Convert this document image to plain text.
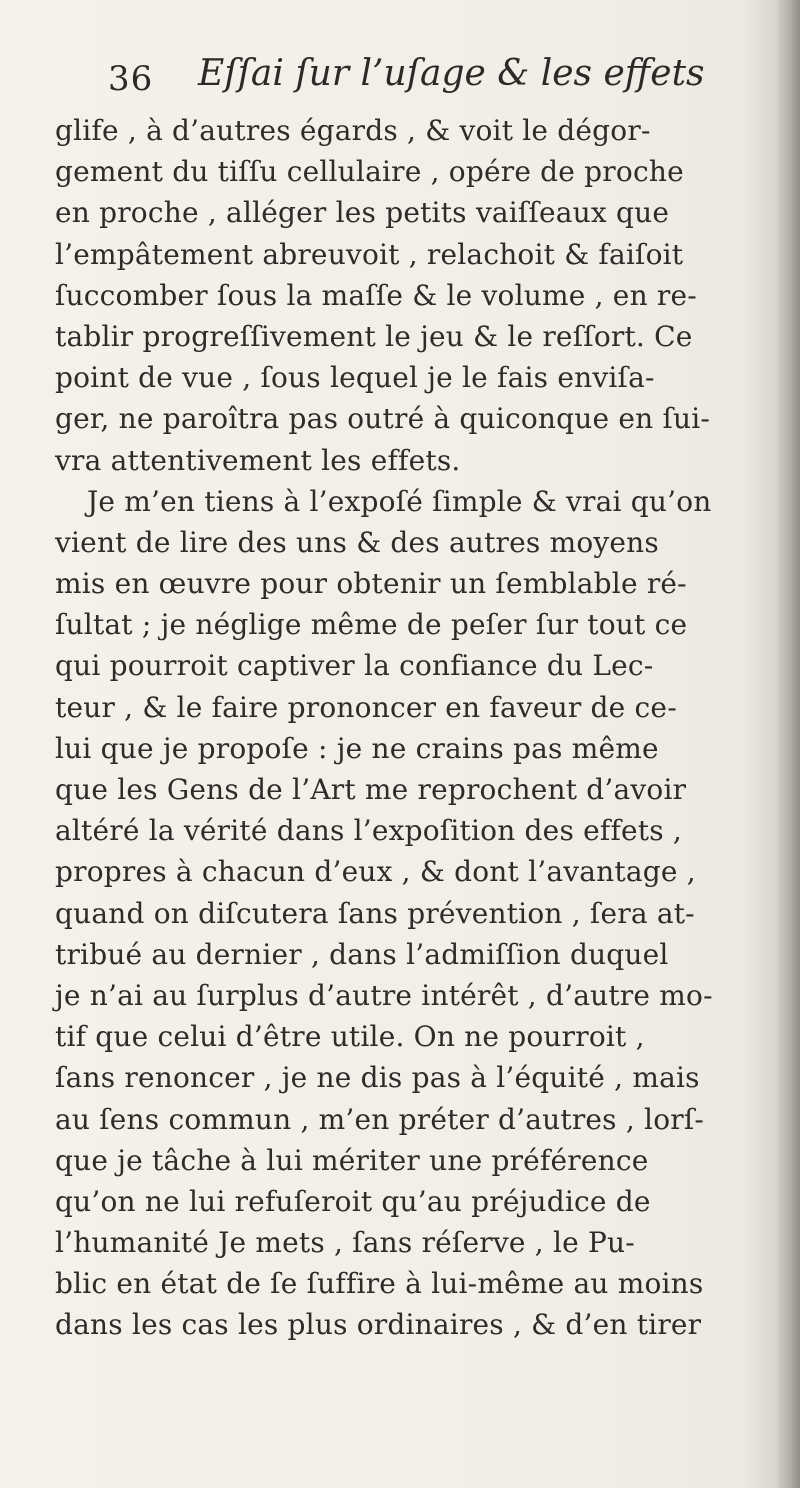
36 Eſſai ſur l’uſage & les effets
glife , à d’autres égards , & voit le dégor-
gement du tiſſu cellulaire , opére de proche
en proche , alléger les petits vaiſſeaux que
l’empâtement abreuvoit , relachoit & faiſoit
ſuccomber ſous la maſſe & le volume , en re-
tablir progreſſivement le jeu & le reſſort. Ce
point de vue , ſous lequel je le fais enviſa-
ger, ne paroîtra pas outré à quiconque en ſui-
vra attentivement les effets.
Je m’en tiens à l’expoſé ſimple & vrai qu’on
vient de lire des uns & des autres moyens
mis en œuvre pour obtenir un ſemblable ré-
ſultat ; je néglige même de peſer ſur tout ce
qui pourroit captiver la confiance du Lec-
teur , & le faire prononcer en faveur de ce-
lui que je propoſe : je ne crains pas même
que les Gens de l’Art me reprochent d’avoir
altéré la vérité dans l’expoſition des effets ,
propres à chacun d’eux , & dont l’avantage ,
quand on diſcutera ſans prévention , ſera at-
tribué au dernier , dans l’admiſſion duquel
je n’ai au ſurplus d’autre intérêt , d’autre mo-
tif que celui d’être utile. On ne pourroit ,
ſans renoncer , je ne dis pas à l’équité , mais
au ſens commun , m’en préter d’autres , lorſ-
que je tâche à lui mériter une préférence
qu’on ne lui refuſeroit qu’au préjudice de
l’humanité Je mets , ſans réſerve , le Pu-
blic en état de ſe ſuffire à lui-même au moins
dans les cas les plus ordinaires , & d’en tirer
